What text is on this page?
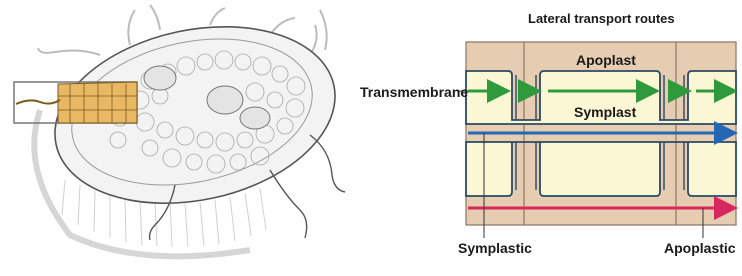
Lateral transport routes
Apoplast
Symplast
Transmembrane
Symplastic	Apoplastic
